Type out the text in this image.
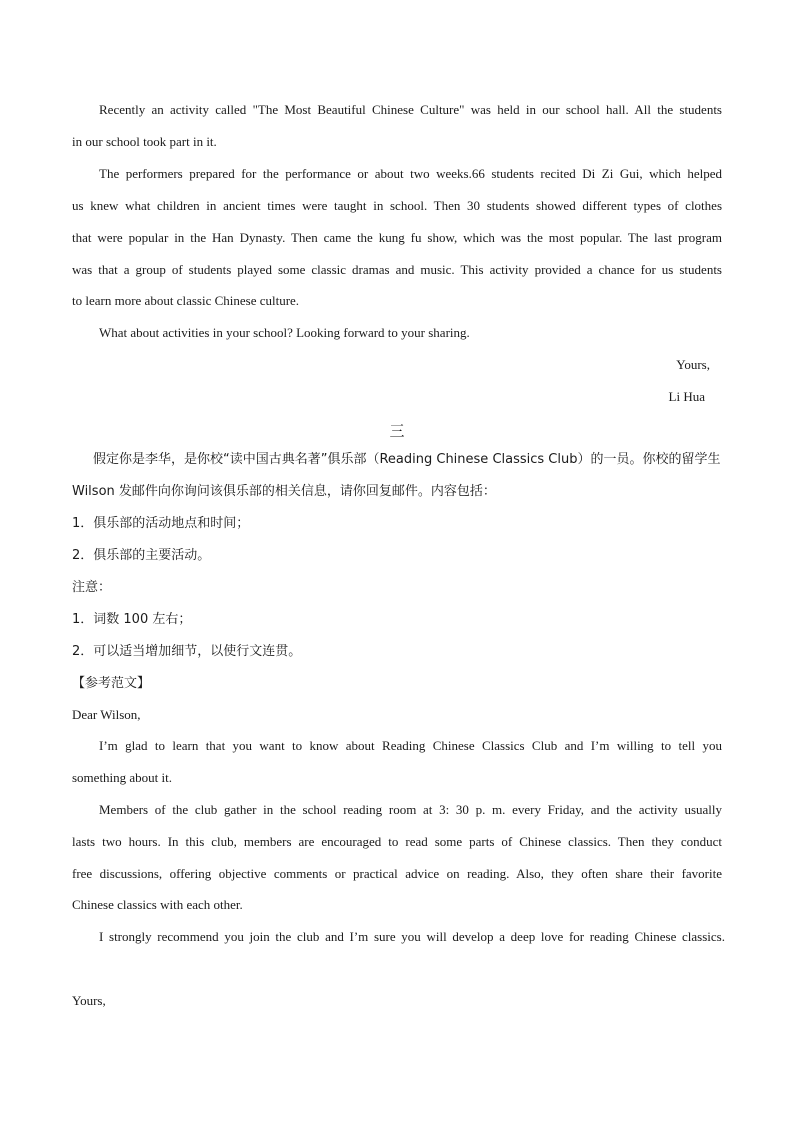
Recently an activity called "The Most Beautiful Chinese Culture" was held in our school hall. All the students
in our school took part in it.
The performers prepared for the performance or about two weeks.66 students recited Di Zi Gui, which helped
us knew what children in ancient times were taught in school. Then 30 students showed different types of clothes
that were popular in the Han Dynasty. Then came the kung fu show, which was the most popular. The last program
was that a group of students played some classic dramas and music. This activity provided a chance for us students
to learn more about classic Chinese culture.
What about activities in your school? Looking forward to your sharing.
Yours,
Li Hua
三
假定你是李华，是你校“读中国古典名著”俱乐部（Reading Chinese Classics Club）的一员。你校的留学生
Wilson 发邮件向你询问该俱乐部的相关信息，请你回复邮件。内容包括：
1．俱乐部的活动地点和时间；
2．俱乐部的主要活动。
注意：
1．词数 100 左右；
2．可以适当增加细节，以使行文连贯。
【参考范文】
Dear Wilson,
I’m glad to learn that you want to know about Reading Chinese Classics Club and I’m willing to tell you
something about it.
Members of the club gather in the school reading room at 3: 30 p. m. every Friday, and the activity usually
lasts two hours. In this club, members are encouraged to read some parts of Chinese classics. Then they conduct
free discussions, offering objective comments or practical advice on reading. Also, they often share their favorite
Chinese classics with each other.
I strongly recommend you join the club and I’m sure you will develop a deep love for reading Chinese classics.
Yours,
